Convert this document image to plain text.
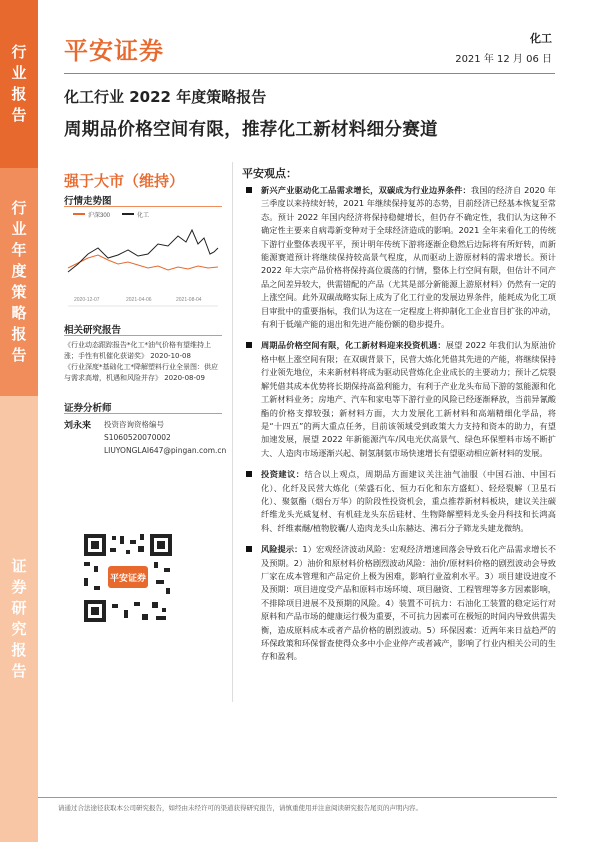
行
业
报
告
行
业
年
度
策
略
报
告
证
券
研
究
报
告
平安证券	化工
2021 年 12 月 06 日
化工行业 2022 年度策略报告
周期品价格空间有限，推荐化工新材料细分赛道
强于大市（维持）
行情走势图
沪深300	化工
2020-12-07	2021-04-06	2021-08-04
相关研究报告
《行业动态跟踪报告*化工*油气价格有望维持上涨；手性有机催化获诺奖》 2020-10-08
《行业深度*基础化工*降解塑料行业全景图：供应与需求高增，机遇和风险并存》 2020-08-09
证券分析师
刘永来 投资咨询资格编号
S1060520070002
LIUYONGLAI647@pingan.com.cn
平安证券
平安观点：
新兴产业驱动化工品需求增长，双碳成为行业边界条件：我国的经济自 2020 年三季度以来持续好转，2021 年继续保持复苏的态势，目前经济已经基本恢复至常态。预计 2022 年国内经济将保持稳健增长，但仍存不确定性，我们认为这种不确定性主要来自病毒新变种对于全球经济造成的影响。2021 全年来看化工的传统下游行业整体表现平平，预计明年传统下游将逐渐企稳然后边际将有所好转，而新能源赛道预计将继续保持较高景气程度，从而驱动上游原材料的需求增长。预计 2022 年大宗产品价格将保持高位震荡的行情，整体上行空间有限，但估计不同产品之间差异较大，供需错配的产品（尤其是部分新能源上游原材料）仍然有一定的上涨空间。此外双碳战略实际上成为了化工行业的发展边界条件，能耗成为化工项目审批中的重要指标，我们认为这在一定程度上将抑制化工企业盲目扩张的冲动，有利于低端产能的退出和先进产能份额的稳步提升。
周期品价格空间有限，化工新材料迎来投资机遇：展望 2022 年我们认为原油价格中枢上涨空间有限；在双碳背景下，民营大炼化凭借其先进的产能，将继续保持行业领先地位，未来新材料将成为驱动民营炼化企业成长的主要动力；预计乙烷裂解凭借其成本优势将长期保持高盈利能力，有利于产业龙头布局下游的氢能源和化工新材料业务；房地产、汽车和家电等下游行业的风险已经逐渐释放，当前异氰酸酯的价格支撑较强；新材料方面，大力发展化工新材料和高端精细化学品，将是“十四五”的两大重点任务，目前该领域受到政策大力支持和资本的助力，有望加速发展，展望 2022 年新能源汽车/风电光伏高景气、绿色环保塑料市场不断扩大、人造肉市场逐渐兴起、制氢制氨市场快速增长有望驱动相应新材料的发展。
投资建议：结合以上观点，周期品方面建议关注油气油服（中国石油、中国石化）、化纤及民营大炼化（荣盛石化、恒力石化和东方盛虹）、轻烃裂解（卫星石化）、聚氨酯（烟台万华）的阶段性投资机会，重点推荐新材料板块，建议关注碳纤维龙头光威复材、有机硅龙头东岳硅材、生物降解塑料龙头金丹科技和长鸿高科、纤维素醚/植物胶囊/人造肉龙头山东赫达、沸石分子筛龙头建龙微纳。
风险提示：1）宏观经济波动风险：宏观经济增速回落会导致石化产品需求增长不及预期。2）油价和原材料价格剧烈波动风险：油价/原材料价格的剧烈波动会导致厂家在成本管理和产品定价上极为困难，影响行业盈利水平。3）项目建设进度不及预期：项目进度受产品和原料市场环境、项目融资、工程管理等多方因素影响，不排除项目进展不及预期的风险。4）装置不可抗力：石油化工装置的稳定运行对原料和产品市场的健康运行极为重要，不可抗力因素可在极短的时间内导致供需失衡，造成原料成本或者产品价格的剧烈波动。5）环保因素：近两年来日益趋严的环保政策和环保督查使得众多中小企业停产或者减产，影响了行业内相关公司的生存和盈利。
请通过合法途径获取本公司研究报告，如经由未经许可的渠道获得研究报告，请慎重使用并注意阅读研究报告尾页的声明内容。
